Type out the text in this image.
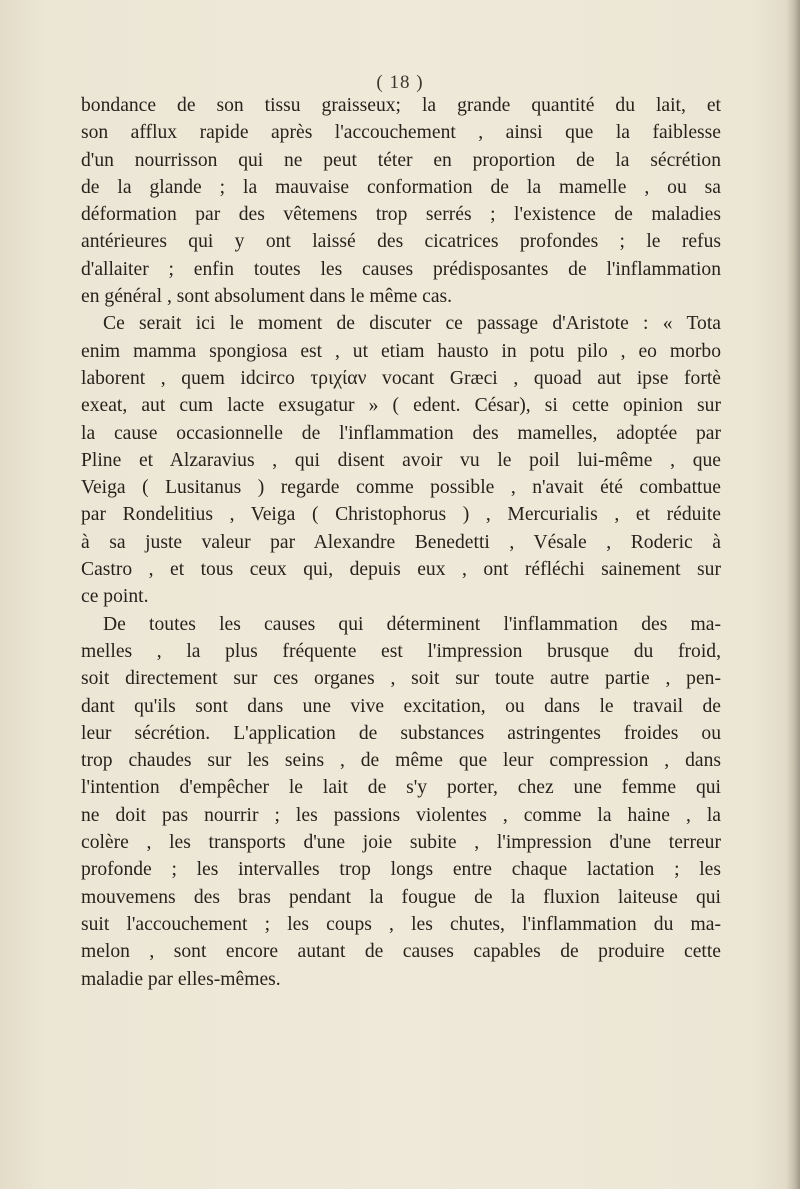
( 18 )
bondance de son tissu graisseux; la grande quantité du lait, et
son afflux rapide après l'accouchement , ainsi que la faiblesse
d'un nourrisson qui ne peut téter en proportion de la sécrétion
de la glande ; la mauvaise conformation de la mamelle , ou sa
déformation par des vêtemens trop serrés ; l'existence de maladies
antérieures qui y ont laissé des cicatrices profondes ; le refus
d'allaiter ; enfin toutes les causes prédisposantes de l'inflammation
en général , sont absolument dans le même cas.
Ce serait ici le moment de discuter ce passage d'Aristote : « Tota
enim mamma spongiosa est , ut etiam hausto in potu pilo , eo morbo
laborent , quem idcirco τριχίαν vocant Græci , quoad aut ipse fortè
exeat, aut cum lacte exsugatur » ( edent. César), si cette opinion sur
la cause occasionnelle de l'inflammation des mamelles, adoptée par
Pline et Alzaravius , qui disent avoir vu le poil lui-même , que
Veiga ( Lusitanus ) regarde comme possible , n'avait été combattue
par Rondelitius , Veiga ( Christophorus ) , Mercurialis , et réduite
à sa juste valeur par Alexandre Benedetti , Vésale , Roderic à
Castro , et tous ceux qui, depuis eux , ont réfléchi sainement sur
ce point.
De toutes les causes qui déterminent l'inflammation des ma-
melles , la plus fréquente est l'impression brusque du froid,
soit directement sur ces organes , soit sur toute autre partie , pen-
dant qu'ils sont dans une vive excitation, ou dans le travail de
leur sécrétion. L'application de substances astringentes froides ou
trop chaudes sur les seins , de même que leur compression , dans
l'intention d'empêcher le lait de s'y porter, chez une femme qui
ne doit pas nourrir ; les passions violentes , comme la haine , la
colère , les transports d'une joie subite , l'impression d'une terreur
profonde ; les intervalles trop longs entre chaque lactation ; les
mouvemens des bras pendant la fougue de la fluxion laiteuse qui
suit l'accouchement ; les coups , les chutes, l'inflammation du ma-
melon , sont encore autant de causes capables de produire cette
maladie par elles-mêmes.
